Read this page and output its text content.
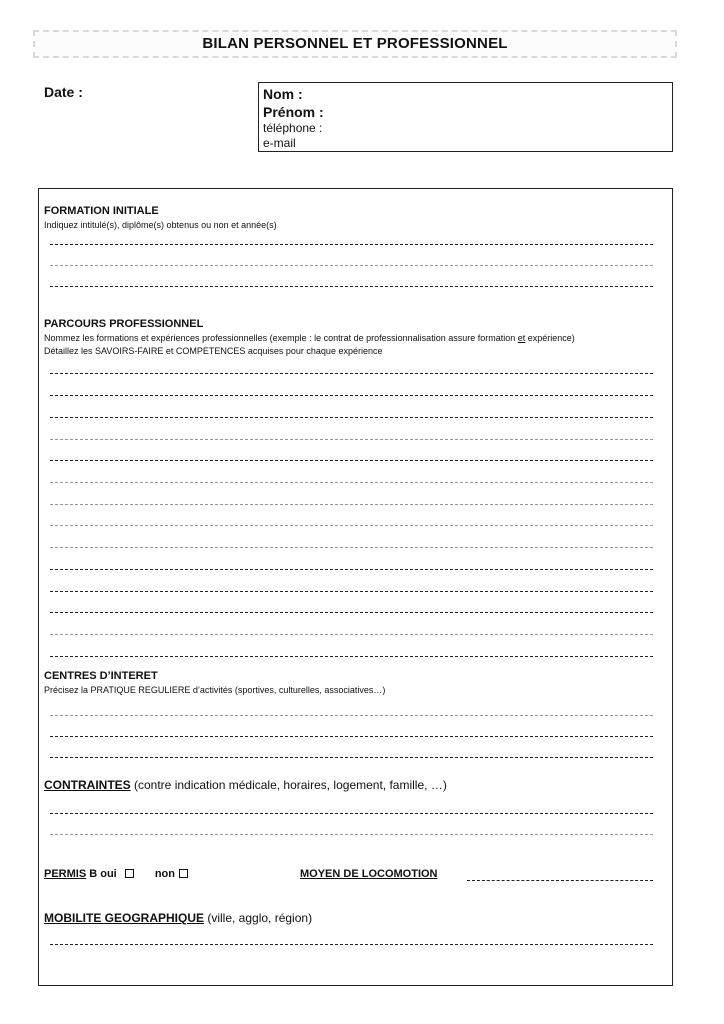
BILAN PERSONNEL ET PROFESSIONNEL
Date :	Nom :
Prénom :
téléphone :
e-mail
FORMATION INITIALE
Indiquez intitulé(s), diplôme(s) obtenus ou non et année(s)
PARCOURS PROFESSIONNEL
Nommez les formations et expériences professionnelles (exemple : le contrat de professionnalisation assure formation et expérience)
Détaillez les SAVOIRS-FAIRE et COMPETENCES acquises pour chaque expérience
CENTRES D’INTERET
Précisez la PRATIQUE REGULIERE d’activités (sportives, culturelles, associatives…)
CONTRAINTES (contre indication médicale, horaires, logement, famille, …)
PERMIS B oui	non	MOYEN DE LOCOMOTION
MOBILITE GEOGRAPHIQUE (ville, agglo, région)
